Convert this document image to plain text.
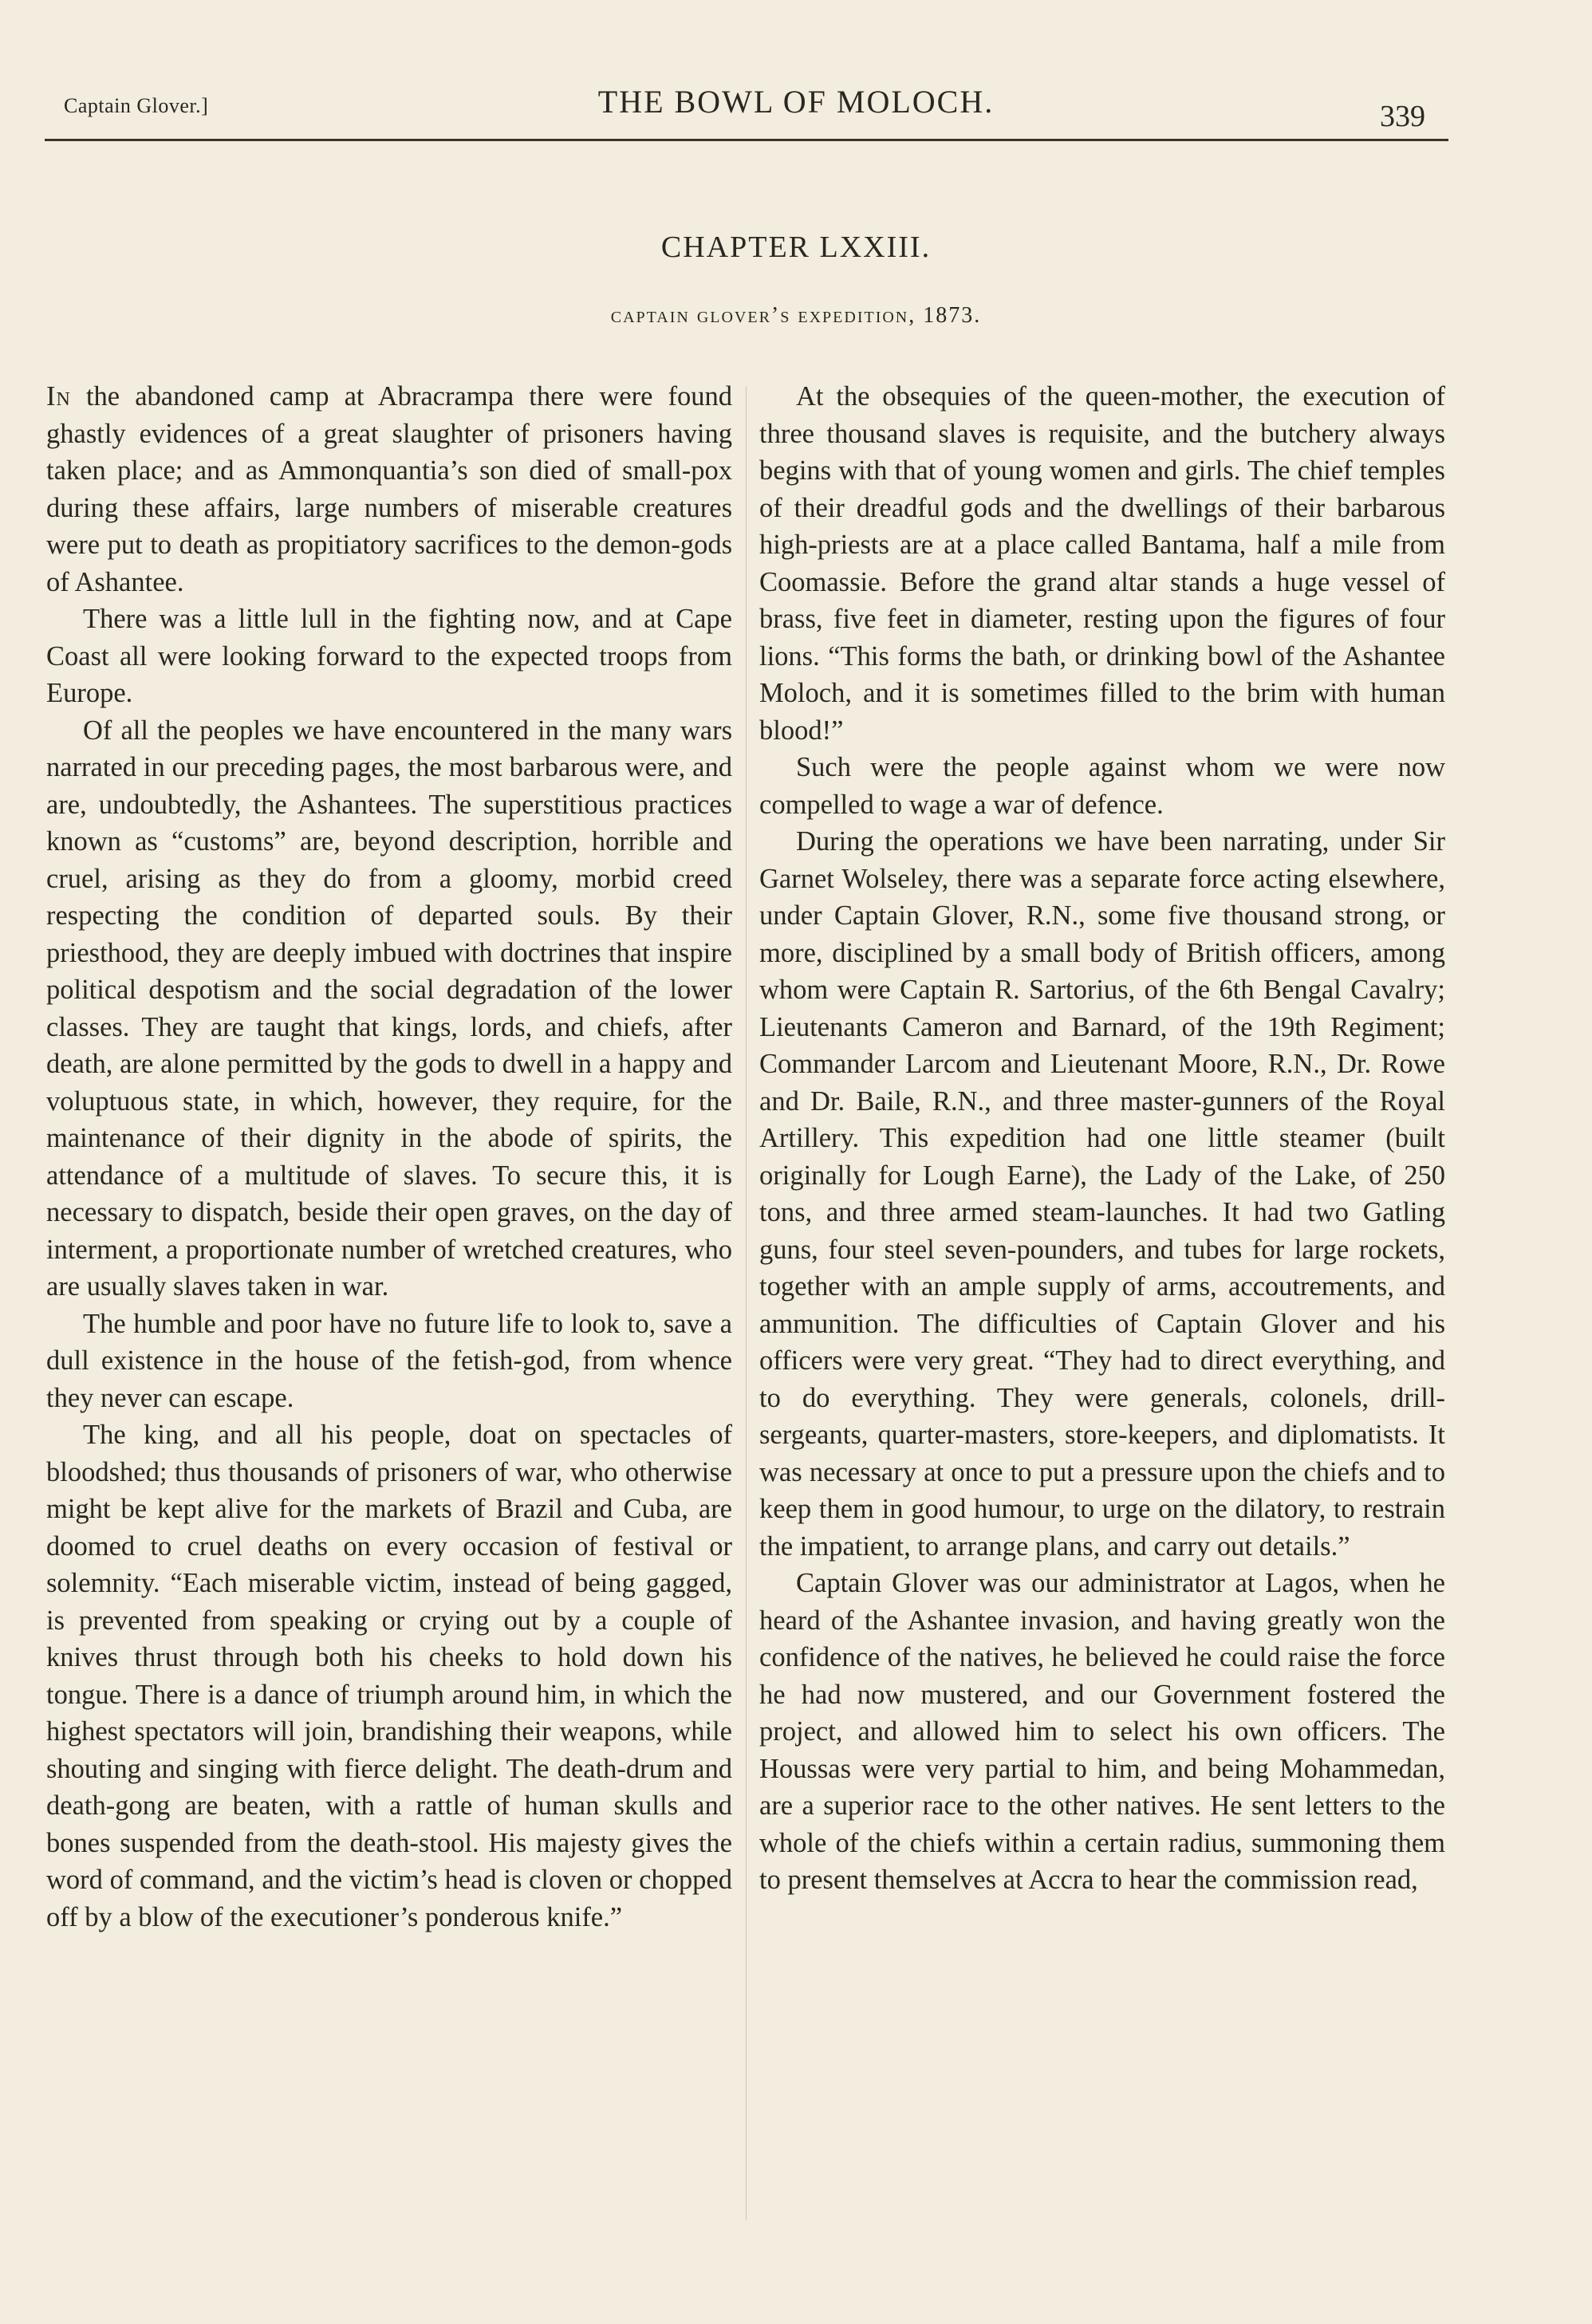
Captain Glover.]	THE BOWL OF MOLOCH.	339
CHAPTER LXXIII.
captain glover’s expedition, 1873.

In the abandoned camp at Abracrampa there were found ghastly evidences of a great slaughter of prisoners having taken place; and as Ammonquantia’s son died of small-pox during these affairs, large numbers of miserable creatures were put to death as propitiatory sacrifices to the demon-gods of Ashantee.

There was a little lull in the fighting now, and at Cape Coast all were looking forward to the expected troops from Europe.

Of all the peoples we have encountered in the many wars narrated in our preceding pages, the most barbarous were, and are, undoubtedly, the Ashantees. The superstitious practices known as “customs” are, beyond description, horrible and cruel, arising as they do from a gloomy, morbid creed respecting the condition of departed souls. By their priesthood, they are deeply imbued with doctrines that inspire political despotism and the social degradation of the lower classes. They are taught that kings, lords, and chiefs, after death, are alone permitted by the gods to dwell in a happy and voluptuous state, in which, however, they require, for the maintenance of their dignity in the abode of spirits, the attendance of a multitude of slaves. To secure this, it is necessary to dispatch, beside their open graves, on the day of interment, a proportionate number of wretched creatures, who are usually slaves taken in war.

The humble and poor have no future life to look to, save a dull existence in the house of the fetish-god, from whence they never can escape.

The king, and all his people, doat on spectacles of bloodshed; thus thousands of prisoners of war, who otherwise might be kept alive for the markets of Brazil and Cuba, are doomed to cruel deaths on every occasion of festival or solemnity. “Each miserable victim, instead of being gagged, is prevented from speaking or crying out by a couple of knives thrust through both his cheeks to hold down his tongue. There is a dance of triumph around him, in which the highest spectators will join, brandishing their weapons, while shouting and singing with fierce delight. The death-drum and death-gong are beaten, with a rattle of human skulls and bones suspended from the death-stool. His majesty gives the word of command, and the victim’s head is cloven or chopped off by a blow of the executioner’s ponderous knife.”

At the obsequies of the queen-mother, the execution of three thousand slaves is requisite, and the butchery always begins with that of young women and girls. The chief temples of their dreadful gods and the dwellings of their barbarous high-priests are at a place called Bantama, half a mile from Coomassie. Before the grand altar stands a huge vessel of brass, five feet in diameter, resting upon the figures of four lions. “This forms the bath, or drinking bowl of the Ashantee Moloch, and it is sometimes filled to the brim with human blood!”

Such were the people against whom we were now compelled to wage a war of defence.

During the operations we have been narrating, under Sir Garnet Wolseley, there was a separate force acting elsewhere, under Captain Glover, R.N., some five thousand strong, or more, disciplined by a small body of British officers, among whom were Captain R. Sartorius, of the 6th Bengal Cavalry; Lieutenants Cameron and Barnard, of the 19th Regiment; Commander Larcom and Lieutenant Moore, R.N., Dr. Rowe and Dr. Baile, R.N., and three master-gunners of the Royal Artillery. This expedition had one little steamer (built originally for Lough Earne), the Lady of the Lake, of 250 tons, and three armed steam-launches. It had two Gatling guns, four steel seven-pounders, and tubes for large rockets, together with an ample supply of arms, accoutrements, and ammunition. The difficulties of Captain Glover and his officers were very great. “They had to direct everything, and to do everything. They were generals, colonels, drill-sergeants, quarter-masters, store-keepers, and diplomatists. It was necessary at once to put a pressure upon the chiefs and to keep them in good humour, to urge on the dilatory, to restrain the impatient, to arrange plans, and carry out details.”

Captain Glover was our administrator at Lagos, when he heard of the Ashantee invasion, and having greatly won the confidence of the natives, he believed he could raise the force he had now mustered, and our Government fostered the project, and allowed him to select his own officers. The Houssas were very partial to him, and being Mohammedan, are a superior race to the other natives. He sent letters to the whole of the chiefs within a certain radius, summoning them to present themselves at Accra to hear the commission read,
